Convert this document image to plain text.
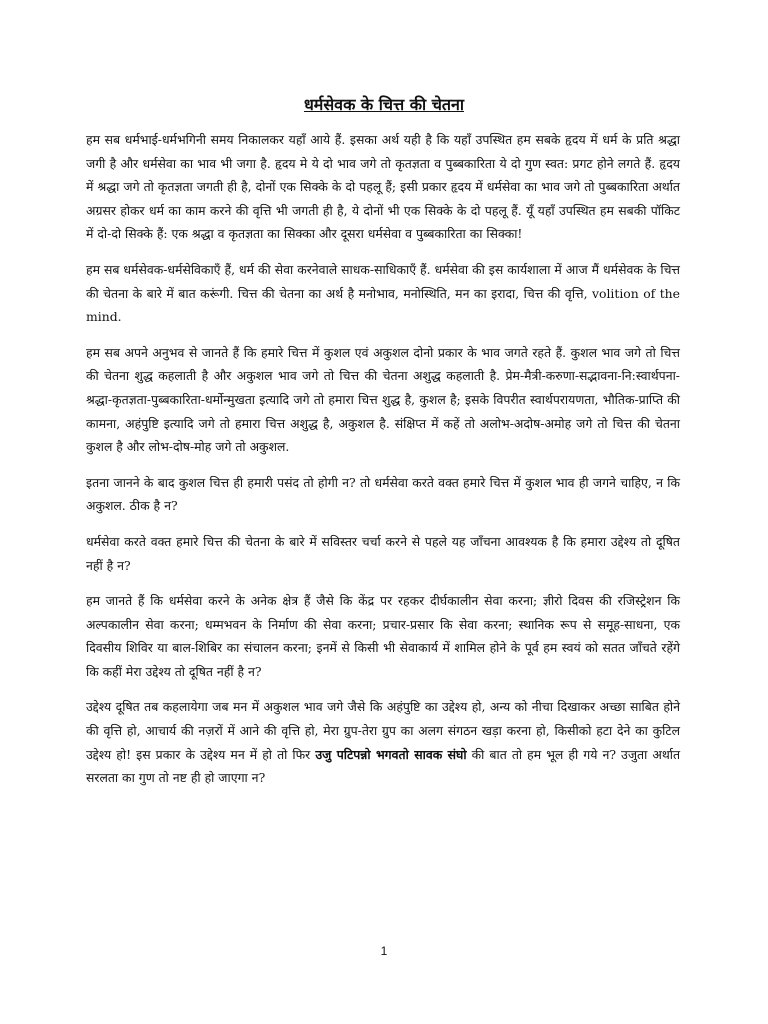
धर्मसेवक के चित्त की चेतना

हम सब धर्मभाई-धर्मभगिनी समय निकालकर यहाँ आये हैं. इसका अर्थ यही है कि यहाँ उपस्थित हम सबके हृदय में धर्म के प्रति श्रद्धा जगी है और धर्मसेवा का भाव भी जगा है. हृदय मे ये दो भाव जगे तो कृतज्ञता व पुब्बकारिता ये दो गुण स्वत: प्रगट होने लगते हैं. हृदय में श्रद्धा जगे तो कृतज्ञता जगती ही है, दोनों एक सिक्के के दो पहलू हैं; इसी प्रकार हृदय में धर्मसेवा का भाव जगे तो पुब्बकारिता अर्थात अग्रसर होकर धर्म का काम करने की वृत्ति भी जगती ही है, ये दोनों भी एक सिक्के के दो पहलू हैं. यूँ यहाँ उपस्थित हम सबकी पॉकिट में दो-दो सिक्के हैं: एक श्रद्धा व कृतज्ञता का सिक्का और दूसरा धर्मसेवा व पुब्बकारिता का सिक्का!

हम सब धर्मसेवक-धर्मसेविकाएँ हैं, धर्म की सेवा करनेवाले साधक-साधिकाएँ हैं. धर्मसेवा की इस कार्यशाला में आज मैं धर्मसेवक के चित्त की चेतना के बारे में बात करूंगी. चित्त की चेतना का अर्थ है मनोभाव, मनोस्थिति, मन का इरादा, चित्त की वृत्ति, volition of the mind.

हम सब अपने अनुभव से जानते हैं कि हमारे चित्त में कुशल एवं अकुशल दोनो प्रकार के भाव जगते रहते हैं. कुशल भाव जगे तो चित्त की चेतना शुद्ध कहलाती है और अकुशल भाव जगे तो चित्त की चेतना अशुद्ध कहलाती है. प्रेम-मैत्री-करुणा-सद्भावना-नि:स्वार्थपना-श्रद्धा-कृतज्ञता-पुब्बकारिता-धर्मोन्मुखता इत्यादि जगे तो हमारा चित्त शुद्ध है, कुशल है; इसके विपरीत स्वार्थपरायणता, भौतिक-प्राप्ति की कामना, अहंपुष्टि इत्यादि जगे तो हमारा चित्त अशुद्ध है, अकुशल है. संक्षिप्त में कहें तो अलोभ-अदोष-अमोह जगे तो चित्त की चेतना कुशल है और लोभ-दोष-मोह जगे तो अकुशल.

इतना जानने के बाद कुशल चित्त ही हमारी पसंद तो होगी न? तो धर्मसेवा करते वक्त हमारे चित्त में कुशल भाव ही जगने चाहिए, न कि अकुशल. ठीक है न?

धर्मसेवा करते वक्त हमारे चित्त की चेतना के बारे में सविस्तर चर्चा करने से पहले यह जाँचना आवश्यक है कि हमारा उद्देश्य तो दूषित नहीं है न?

हम जानते हैं कि धर्मसेवा करने के अनेक क्षेत्र हैं जैसे कि केंद्र पर रहकर दीर्घकालीन सेवा करना; ज्ञीरो दिवस की रजिस्ट्रेशन कि अल्पकालीन सेवा करना; धम्मभवन के निर्माण की सेवा करना; प्रचार-प्रसार कि सेवा करना; स्थानिक रूप से समूह-साधना, एक दिवसीय शिविर या बाल-शिबिर का संचालन करना; इनमें से किसी भी सेवाकार्य में शामिल होने के पूर्व हम स्वयं को सतत जाँचते रहेंगे कि कहीं मेरा उद्देश्य तो दूषित नहीं है न?

उद्देश्य दूषित तब कहलायेगा जब मन में अकुशल भाव जगे जैसे कि अहंपुष्टि का उद्देश्य हो, अन्य को नीचा दिखाकर अच्छा साबित होने की वृत्ति हो, आचार्य की नज़रों में आने की वृत्ति हो, मेरा ग्रुप-तेरा ग्रुप का अलग संगठन खड़ा करना हो, किसीको हटा देने का कुटिल उद्देश्य हो! इस प्रकार के उद्देश्य मन में हो तो फिर उजु पटिपन्नो भगवतो सावक संघो की बात तो हम भूल ही गये न? उजुता अर्थात सरलता का गुण तो नष्ट ही हो जाएगा न?

1
